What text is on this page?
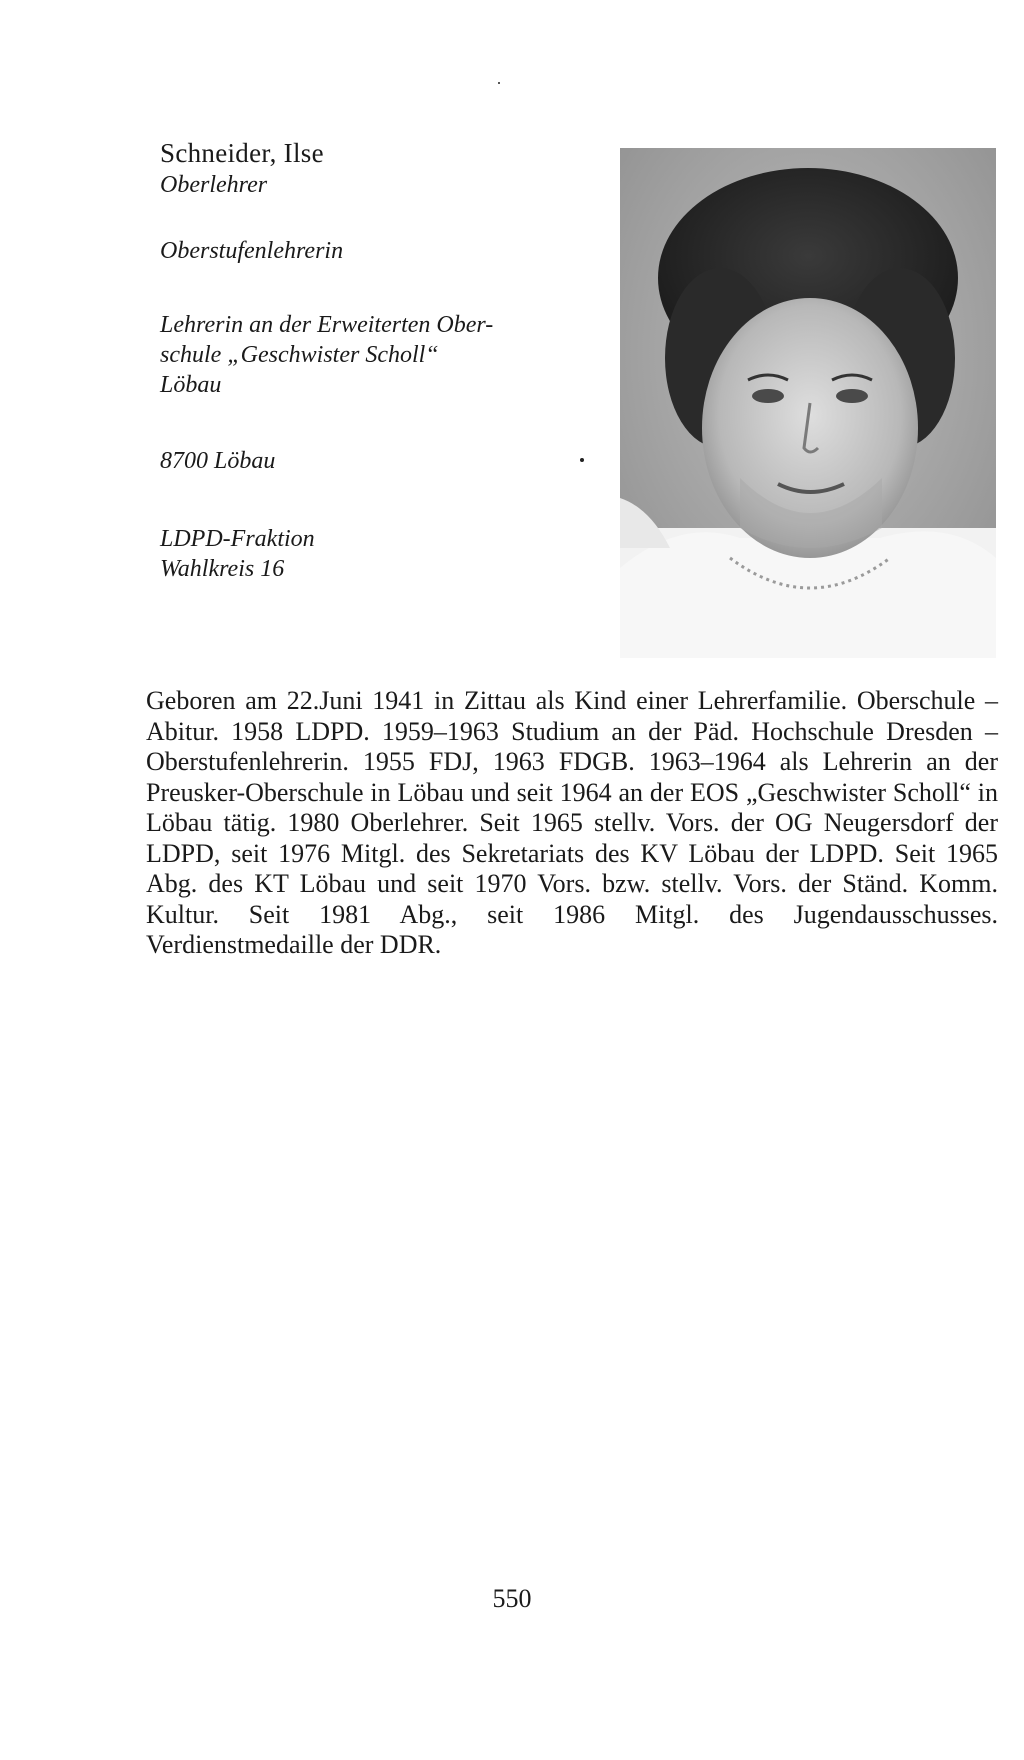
Schneider, Ilse

Oberlehrer

Oberstufenlehrerin

Lehrerin an der Erweiterten Ober-

schule „Geschwister Scholl“

Löbau

8700 Löbau

LDPD-Fraktion

Wahlkreis 16

Geboren am 22.Juni 1941 in Zittau als Kind einer Lehrerfamilie. Oberschule – Abitur. 1958 LDPD. 1959–1963 Studium an der Päd. Hochschule Dresden – Oberstufenlehrerin. 1955 FDJ, 1963 FDGB. 1963–1964 als Lehrerin an der Preusker-Oberschule in Löbau und seit 1964 an der EOS „Geschwister Scholl“ in Löbau tätig. 1980 Oberlehrer. Seit 1965 stellv. Vors. der OG Neugersdorf der LDPD, seit 1976 Mitgl. des Sekretariats des KV Löbau der LDPD. Seit 1965 Abg. des KT Löbau und seit 1970 Vors. bzw. stellv. Vors. der Ständ. Komm. Kultur. Seit 1981 Abg., seit 1986 Mitgl. des Jugendausschusses. Verdienstmedaille der DDR.

550
